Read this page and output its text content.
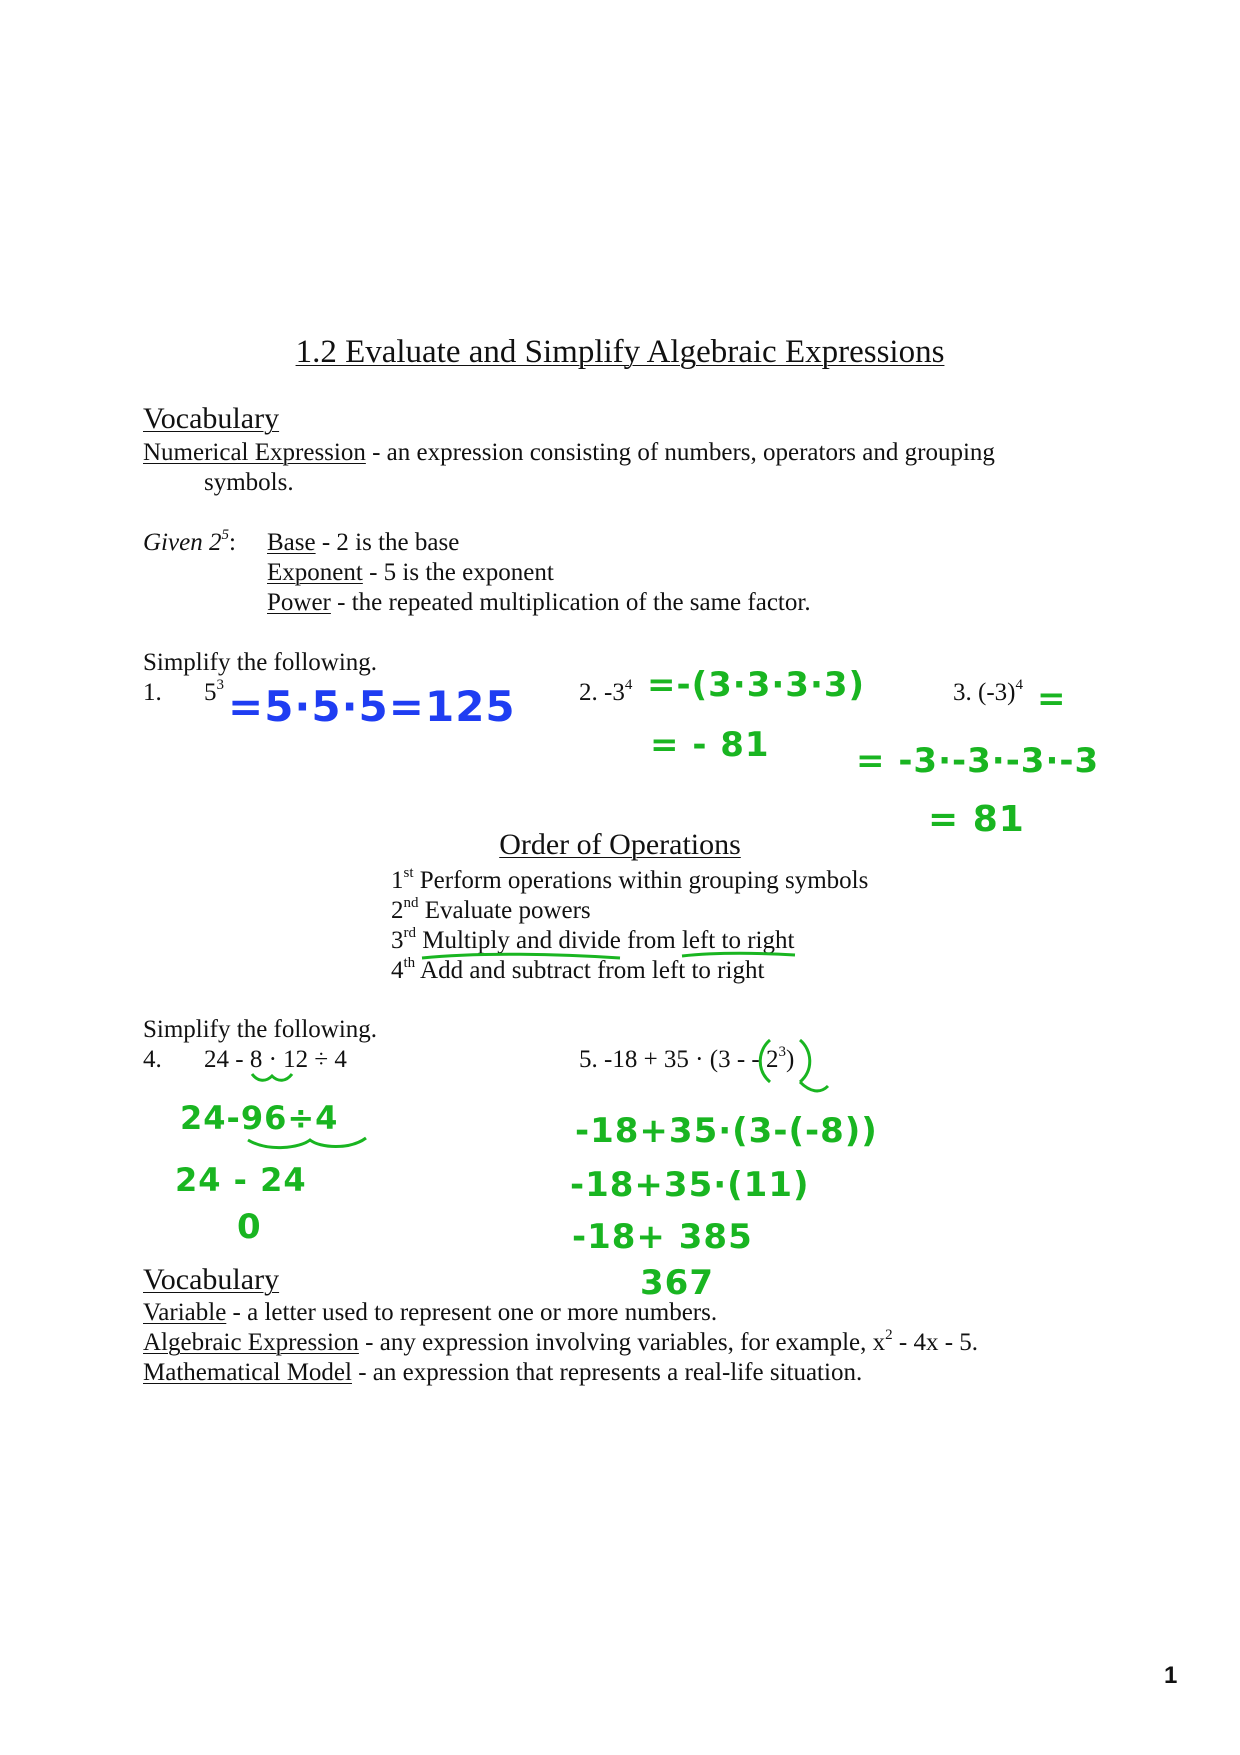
1.2 Evaluate and Simplify Algebraic Expressions
Vocabulary
Numerical Expression - an expression consisting of numbers, operators and grouping
symbols.
Given $2^5$: Base - 2 is the base
Exponent - 5 is the exponent
Power - the repeated multiplication of the same factor.
Simplify the following.
1. $5^3$	2. $-3^4$	3. $(-3)^4$
Order of Operations
1st Perform operations within grouping symbols
2nd Evaluate powers
3rd Multiply and divide from left to right
4th Add and subtract from left to right
Simplify the following.
4. 24 - 8 · 12 ÷ 4	5. -18 + 35 · (3 - - $2^3$)
Vocabulary
Variable - a letter used to represent one or more numbers.
Algebraic Expression - any expression involving variables, for example, $x^2 - 4x - 5$.
Mathematical Model - an expression that represents a real-life situation.
=5·5·5=125	=-(3·3·3·3)
= - 81
=
= -3·-3·-3·-3
= 81
24-96÷4
24 - 24
0
-18+35·(3-(-8))
-18+35·(11)
-18+ 385
367
1
